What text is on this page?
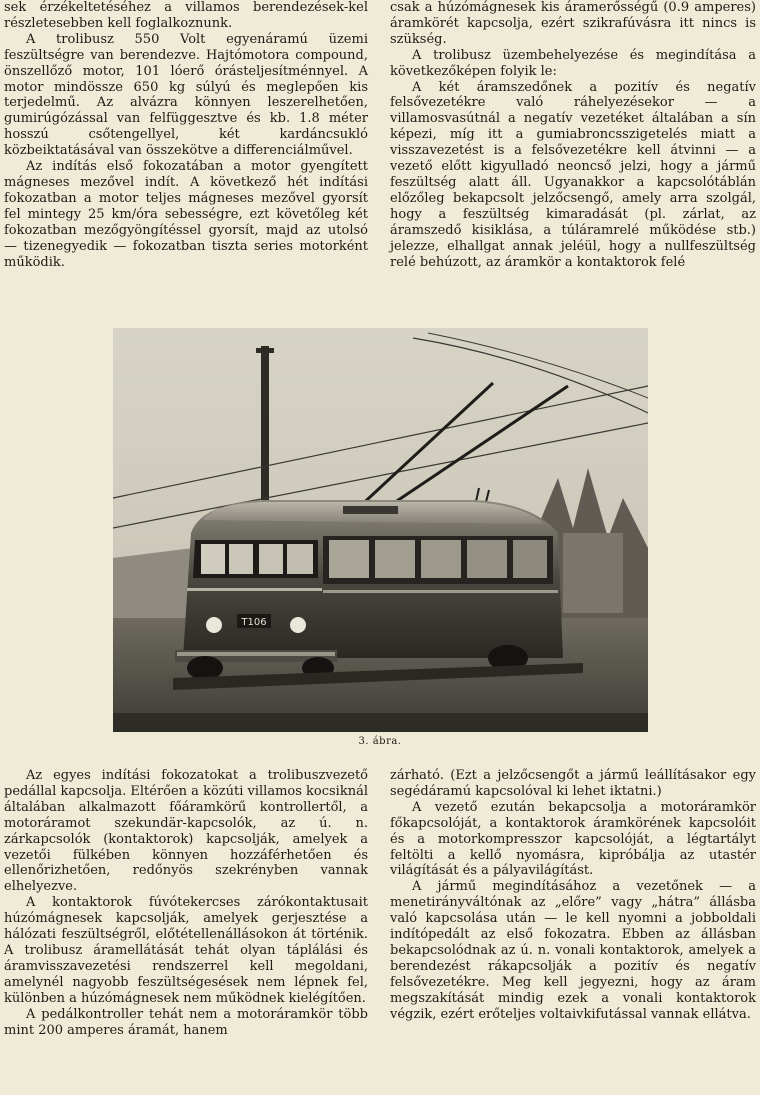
sek érzékeltetéséhez a villamos berendezések-kel részletesebben kell foglalkoznunk.

A trolibusz 550 Volt egyenáramú üzemi feszültségre van berendezve. Hajtómotora compound, önszellőző motor, 101 lóerő órásteljesítménnyel. A motor mindössze 650 kg súlyú és meglepően kis terjedelmű. Az alvázra könnyen leszerelhetően, gumirúgózással van felfüggesztve és kb. 1.8 méter hosszú csőtengellyel, két kardáncsukló közbeiktatásával van összekötve a differenciálművel.

Az indítás első fokozatában a motor gyengített mágneses mezővel indít. A következő hét indítási fokozatban a motor teljes mágneses mezővel gyorsít fel mintegy 25 km/óra sebességre, ezt követőleg két fokozatban mezőgyöngítéssel gyorsít, majd az utolsó — tizenegyedik — fokozatban tiszta series motorként működik.

csak a húzómágnesek kis áramerősségű (0.9 amperes) áramkörét kapcsolja, ezért szikrafúvásra itt nincs is szükség.

A trolibusz üzembehelyezése és megindítása a következőképen folyik le:

A két áramszedőnek a pozitív és negatív felsővezetékre való ráhelyezésekor — a villamosvasútnál a negatív vezetéket általában a sín képezi, míg itt a gumiabroncsszigetelés miatt a visszavezetést is a felsővezetékre kell átvinni — a vezető előtt kigyulladó neoncső jelzi, hogy a jármű feszültség alatt áll. Ugyanakkor a kapcsolótáblán előzőleg bekapcsolt jelzőcsengő, amely arra szolgál, hogy a feszültség kimaradását (pl. zárlat, az áramszedő kisiklása, a túláramrelé működése stb.) jelezze, elhallgat annak jeléül, hogy a nullfeszültség relé behúzott, az áramkör a kontaktorok felé

T106
3. ábra.

Az egyes indítási fokozatokat a trolibuszvezető pedállal kapcsolja. Eltérően a közúti villamos kocsiknál általában alkalmazott főáramkörű kontrollertől, a motoráramot szekundär-kapcsolók, az ú. n. zárkapcsolók (kontaktorok) kapcsolják, amelyek a vezetői fülkében könnyen hozzáférhetően és ellenőrizhetően, redőnyös szekrényben vannak elhelyezve.

A kontaktorok fúvótekercses zárókontaktusait húzómágnesek kapcsolják, amelyek gerjesztése a hálózati feszültségről, előtétellenállásokon át történik. A trolibusz áramellátását tehát olyan táplálási és áramvisszavezetési rendszerrel kell megoldani, amelynél nagyobb feszültségesések nem lépnek fel, különben a húzómágnesek nem működnek kielégítően.

A pedálkontroller tehát nem a motoráramkör több mint 200 amperes áramát, hanem

zárható. (Ezt a jelzőcsengőt a jármű leállításakor egy segédáramú kapcsolóval ki lehet iktatni.)

A vezető ezután bekapcsolja a motoráramkör főkapcsolóját, a kontaktorok áramkörének kapcsolóit és a motorkompresszor kapcsolóját, a légtartályt feltölti a kellő nyomásra, kipróbálja az utastér világítását és a pályavilágítást.

A jármű megindításához a vezetőnek — a menetirányváltónak az „előre” vagy „hátra” állásba való kapcsolása után — le kell nyomni a jobboldali indítópedált az első fokozatra. Ebben az állásban bekapcsolódnak az ú. n. vonali kontaktorok, amelyek a berendezést rákapcsolják a pozitív és negatív felsővezetékre. Meg kell jegyezni, hogy az áram megszakítását mindig ezek a vonali kontaktorok végzik, ezért erőteljes voltaivkifutással vannak ellátva.
